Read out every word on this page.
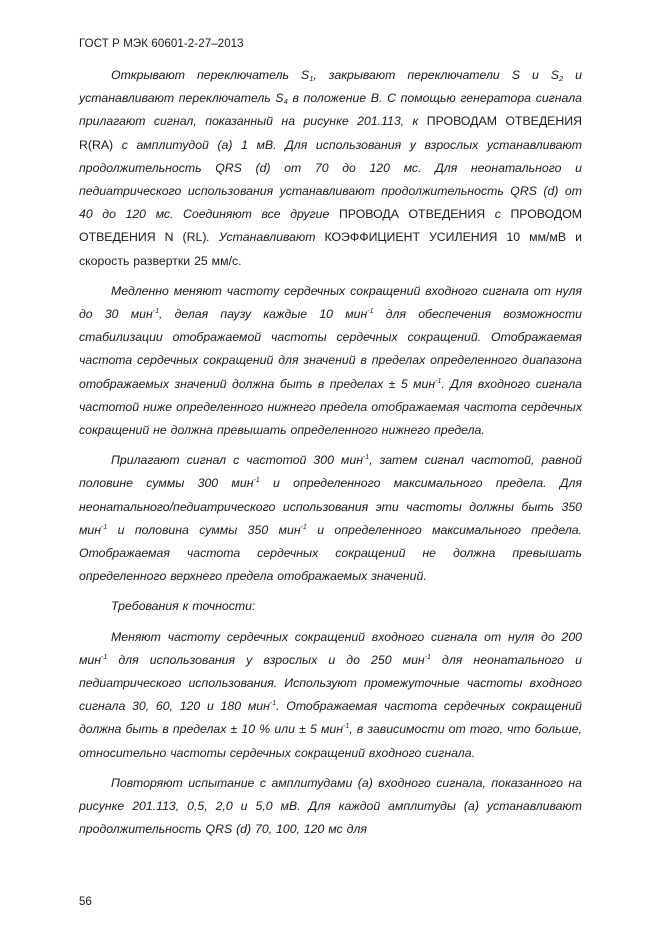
ГОСТ Р МЭК 60601-2-27–2013

Открывают переключатель $S_1$, закрывают переключатели S и $S_2$ и устанавливают переключатель $S_4$ в положение В. С помощью генератора сигнала прилагают сигнал, показанный на рисунке 201.113, к ПРОВОДАМ ОТВЕДЕНИЯ R(RA) с амплитудой (а) 1 мВ. Для использования у взрослых устанавливают продолжительность QRS (d) от 70 до 120 мс. Для неонатального и педиатрического использования устанавливают продолжительность QRS (d) от 40 до 120 мс. Соединяют все другие ПРОВОДА ОТВЕДЕНИЯ с ПРОВОДОМ ОТВЕДЕНИЯ N (RL). Устанавливают КОЭФФИЦИЕНТ УСИЛЕНИЯ 10 мм/мВ и скорость развертки 25 мм/с.

Медленно меняют частоту сердечных сокращений входного сигнала от нуля до 30 мин$^{-1}$, делая паузу каждые 10 мин$^{-1}$ для обеспечения возможности стабилизации отображаемой частоты сердечных сокращений. Отображаемая частота сердечных сокращений для значений в пределах определенного диапазона отображаемых значений должна быть в пределах ± 5 мин$^{-1}$. Для входного сигнала частотой ниже определенного нижнего предела отображаемая частота сердечных сокращений не должна превышать определенного нижнего предела.

Прилагают сигнал с частотой 300 мин$^{-1}$, затем сигнал частотой, равной половине суммы 300 мин$^{-1}$ и определенного максимального предела. Для неонатального/педиатрического использования эти частоты должны быть 350 мин$^{-1}$ и половина суммы 350 мин$^{-1}$ и определенного максимального предела. Отображаемая частота сердечных сокращений не должна превышать определенного верхнего предела отображаемых значений.

Требования к точности:

Меняют частоту сердечных сокращений входного сигнала от нуля до 200 мин$^{-1}$ для использования у взрослых и до 250 мин$^{-1}$ для неонатального и педиатрического использования. Используют промежуточные частоты входного сигнала 30, 60, 120 и 180 мин$^{-1}$. Отображаемая частота сердечных сокращений должна быть в пределах ± 10 % или ± 5 мин$^{-1}$, в зависимости от того, что больше, относительно частоты сердечных сокращений входного сигнала.

Повторяют испытание с амплитудами (а) входного сигнала, показанного на рисунке 201.113, 0,5, 2,0 и 5,0 мВ. Для каждой амплитуды (а) устанавливают продолжительность QRS (d) 70, 100, 120 мс для

56
